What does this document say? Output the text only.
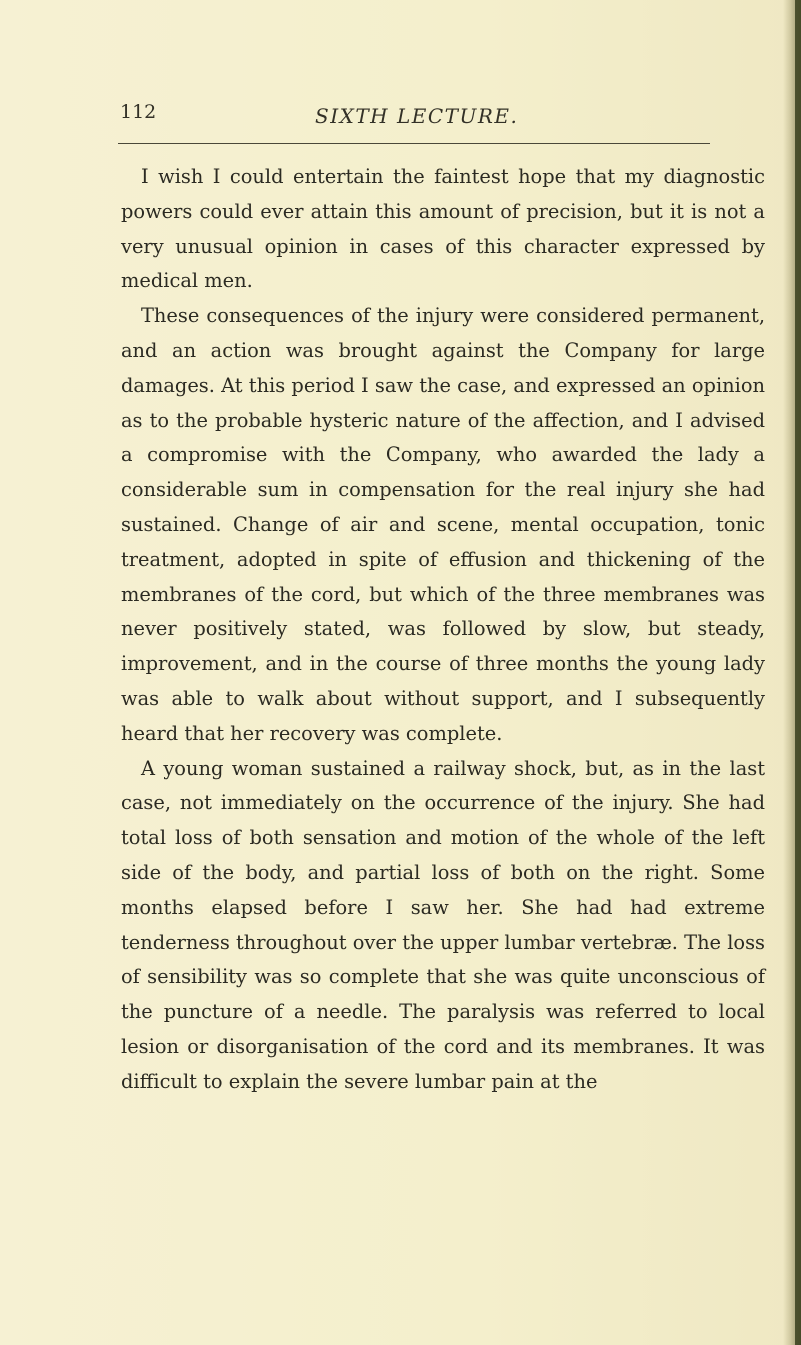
112	SIXTH LECTURE.

I wish I could entertain the faintest hope that my diagnostic powers could ever attain this amount of precision, but it is not a very unusual opinion in cases of this character expressed by medical men.

These consequences of the injury were considered permanent, and an action was brought against the Company for large damages. At this period I saw the case, and expressed an opinion as to the probable hysteric nature of the affection, and I advised a compromise with the Company, who awarded the lady a considerable sum in compensation for the real injury she had sustained. Change of air and scene, mental occupation, tonic treatment, adopted in spite of effusion and thickening of the membranes of the cord, but which of the three membranes was never positively stated, was followed by slow, but steady, improvement, and in the course of three months the young lady was able to walk about without support, and I subsequently heard that her recovery was complete.

A young woman sustained a railway shock, but, as in the last case, not immediately on the occurrence of the injury. She had total loss of both sensation and motion of the whole of the left side of the body, and partial loss of both on the right. Some months elapsed before I saw her. She had had extreme tenderness throughout over the upper lumbar vertebræ. The loss of sensibility was so complete that she was quite unconscious of the puncture of a needle. The paralysis was referred to local lesion or disorganisation of the cord and its membranes. It was difficult to explain the severe lumbar pain at the
